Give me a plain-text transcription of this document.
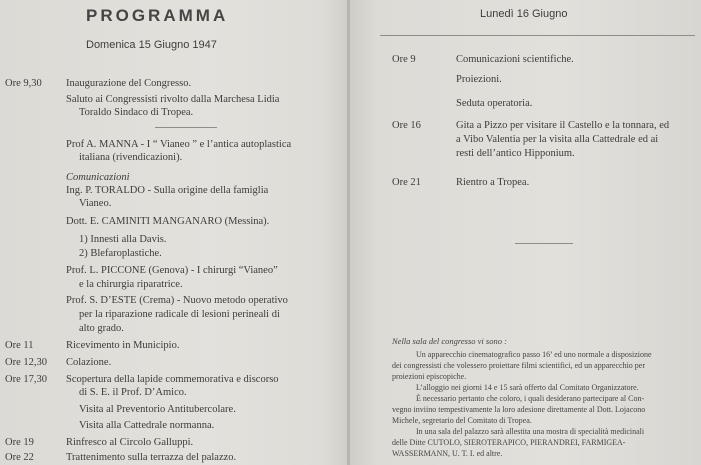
PROGRAMMA
Domenica 15 Giugno 1947
Ore 9,30 Inaugurazione del Congresso.
Saluto ai Congressisti rivolto dalla Marchesa Lidia
Toraldo Sindaco di Tropea.
Prof A. MANNA - I “ Vianeo ” e l’antica autoplastica
italiana (rivendicazioni).
Comunicazioni
Ing. P. TORALDO - Sulla origine della famiglia
Vianeo.
Dott. E. CAMINITI MANGANARO (Messina).
1) Innesti alla Davis.
2) Blefaroplastiche.
Prof. L. PICCONE (Genova) - I chirurgi “Vianeo”
e la chirurgia riparatrice.
Prof. S. D’ESTE (Crema) - Nuovo metodo operativo
per la riparazione radicale di lesioni perineali di
alto grado.
Ore 11	Ricevimento in Municipio.
Ore 12,30 Colazione.
Ore 17,30 Scopertura della lapide commemorativa e discorso
di S. E. il Prof. D’Amico.
Visita al Preventorio Antitubercolare.
Visita alla Cattedrale normanna.
Ore 19	Rinfresco al Circolo Galluppi.
Ore 22	Trattenimento sulla terrazza del palazzo.
Lunedì 16 Giugno
Ore 9	Comunicazioni scientifiche.
Proiezioni.
Seduta operatoria.
Ore 16	Gita a Pizzo per visitare il Castello e la tonnara, ed
a Vibo Valentia per la visita alla Cattedrale ed ai
resti dell’antico Hipponium.
Ore 21	Rientro a Tropea.
Nella sala del congresso vi sono :
Un apparecchio cinematografico passo 16’ ed uno normale a disposizione
dei congressisti che volessero proiettare filmi scientifici, ed un apparecchio per
proiezioni episcopiche.
L’alloggio nei giorni 14 e 15 sarà offerto dal Comitato Organizzatore.
È necessario pertanto che coloro, i quali desiderano partecipare al Con-
vegno inviino tempestivamente la loro adesione direttamente al Dott. Lojacono
Michele, segretario del Comitato di Tropea.
In una sala del palazzo sarà allestita una mostra di specialità medicinali
delle Ditte CUTOLO, SIEROTERAPICO, PIERANDREI, FARMIGEA-
WASSERMANN, U. T. I. ed altre.
